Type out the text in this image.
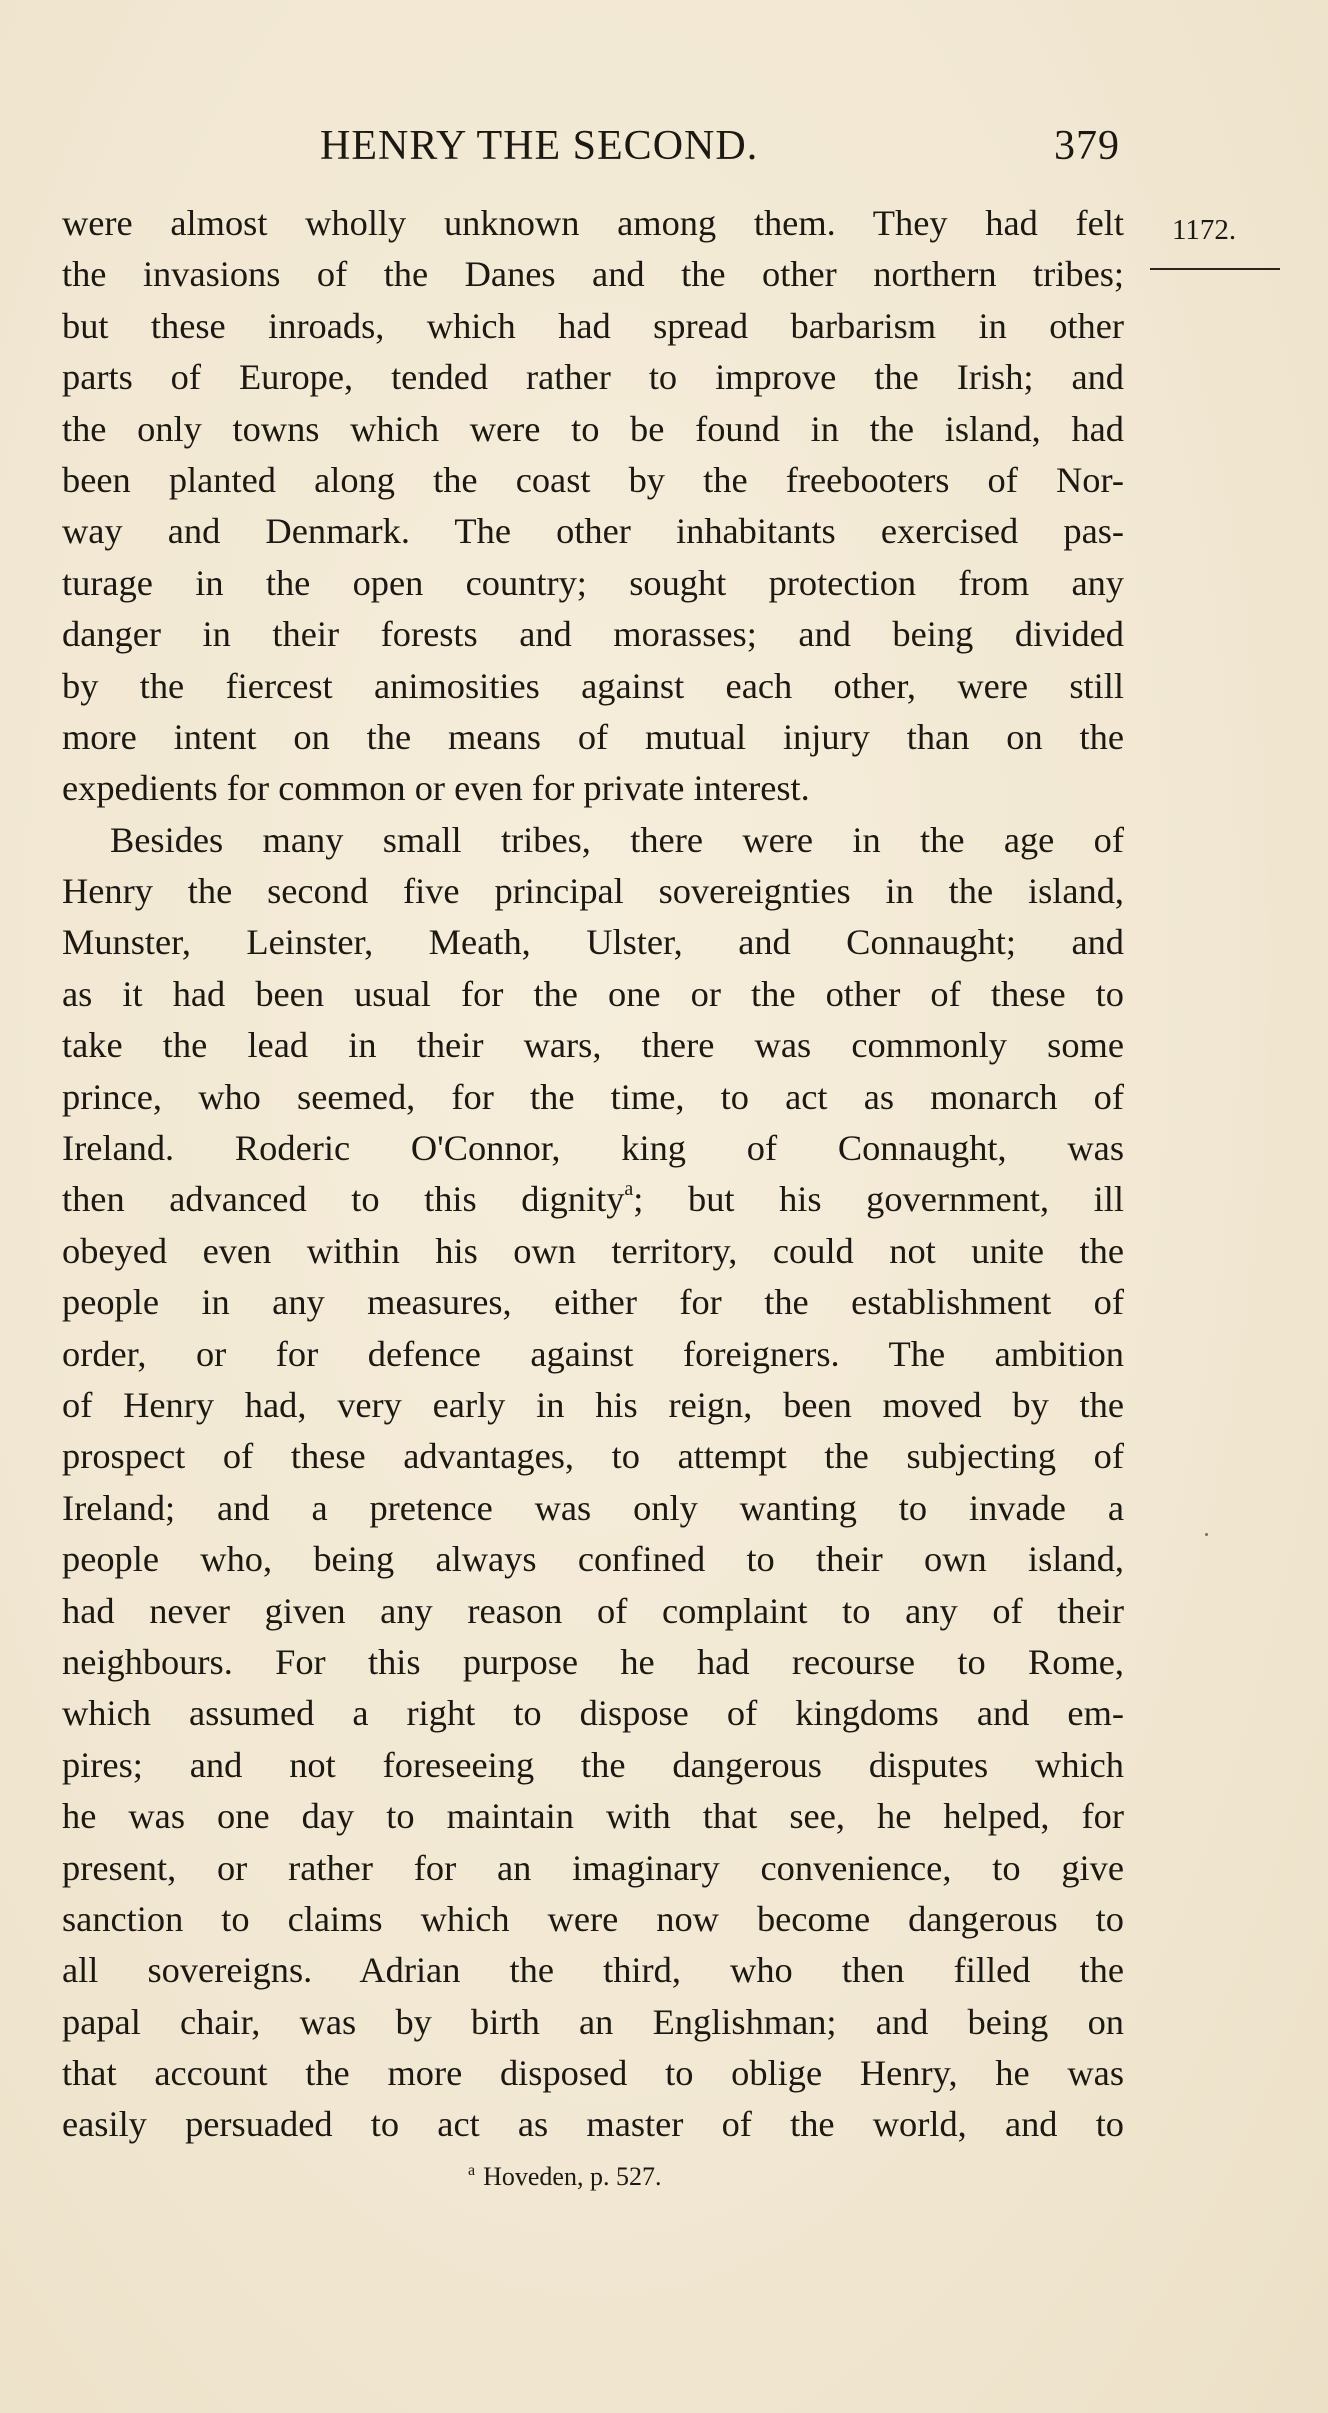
HENRY THE SECOND.	379
1172.
were almost wholly unknown among them. They had felt
the invasions of the Danes and the other northern tribes;
but these inroads, which had spread barbarism in other
parts of Europe, tended rather to improve the Irish; and
the only towns which were to be found in the island, had
been planted along the coast by the freebooters of Nor-
way and Denmark. The other inhabitants exercised pas-
turage in the open country; sought protection from any
danger in their forests and morasses; and being divided
by the fiercest animosities against each other, were still
more intent on the means of mutual injury than on the
expedients for common or even for private interest.
Besides many small tribes, there were in the age of
Henry the second five principal sovereignties in the island,
Munster, Leinster, Meath, Ulster, and Connaught; and
as it had been usual for the one or the other of these to
take the lead in their wars, there was commonly some
prince, who seemed, for the time, to act as monarch of
Ireland. Roderic O'Connor, king of Connaught, was
then advanced to this dignity$^a$; but his government, ill
obeyed even within his own territory, could not unite the
people in any measures, either for the establishment of
order, or for defence against foreigners. The ambition
of Henry had, very early in his reign, been moved by the
prospect of these advantages, to attempt the subjecting of
Ireland; and a pretence was only wanting to invade a
people who, being always confined to their own island,
had never given any reason of complaint to any of their
neighbours. For this purpose he had recourse to Rome,
which assumed a right to dispose of kingdoms and em-
pires; and not foreseeing the dangerous disputes which
he was one day to maintain with that see, he helped, for
present, or rather for an imaginary convenience, to give
sanction to claims which were now become dangerous to
all sovereigns. Adrian the third, who then filled the
papal chair, was by birth an Englishman; and being on
that account the more disposed to oblige Henry, he was
easily persuaded to act as master of the world, and to
$^a$ Hoveden, p. 527.
